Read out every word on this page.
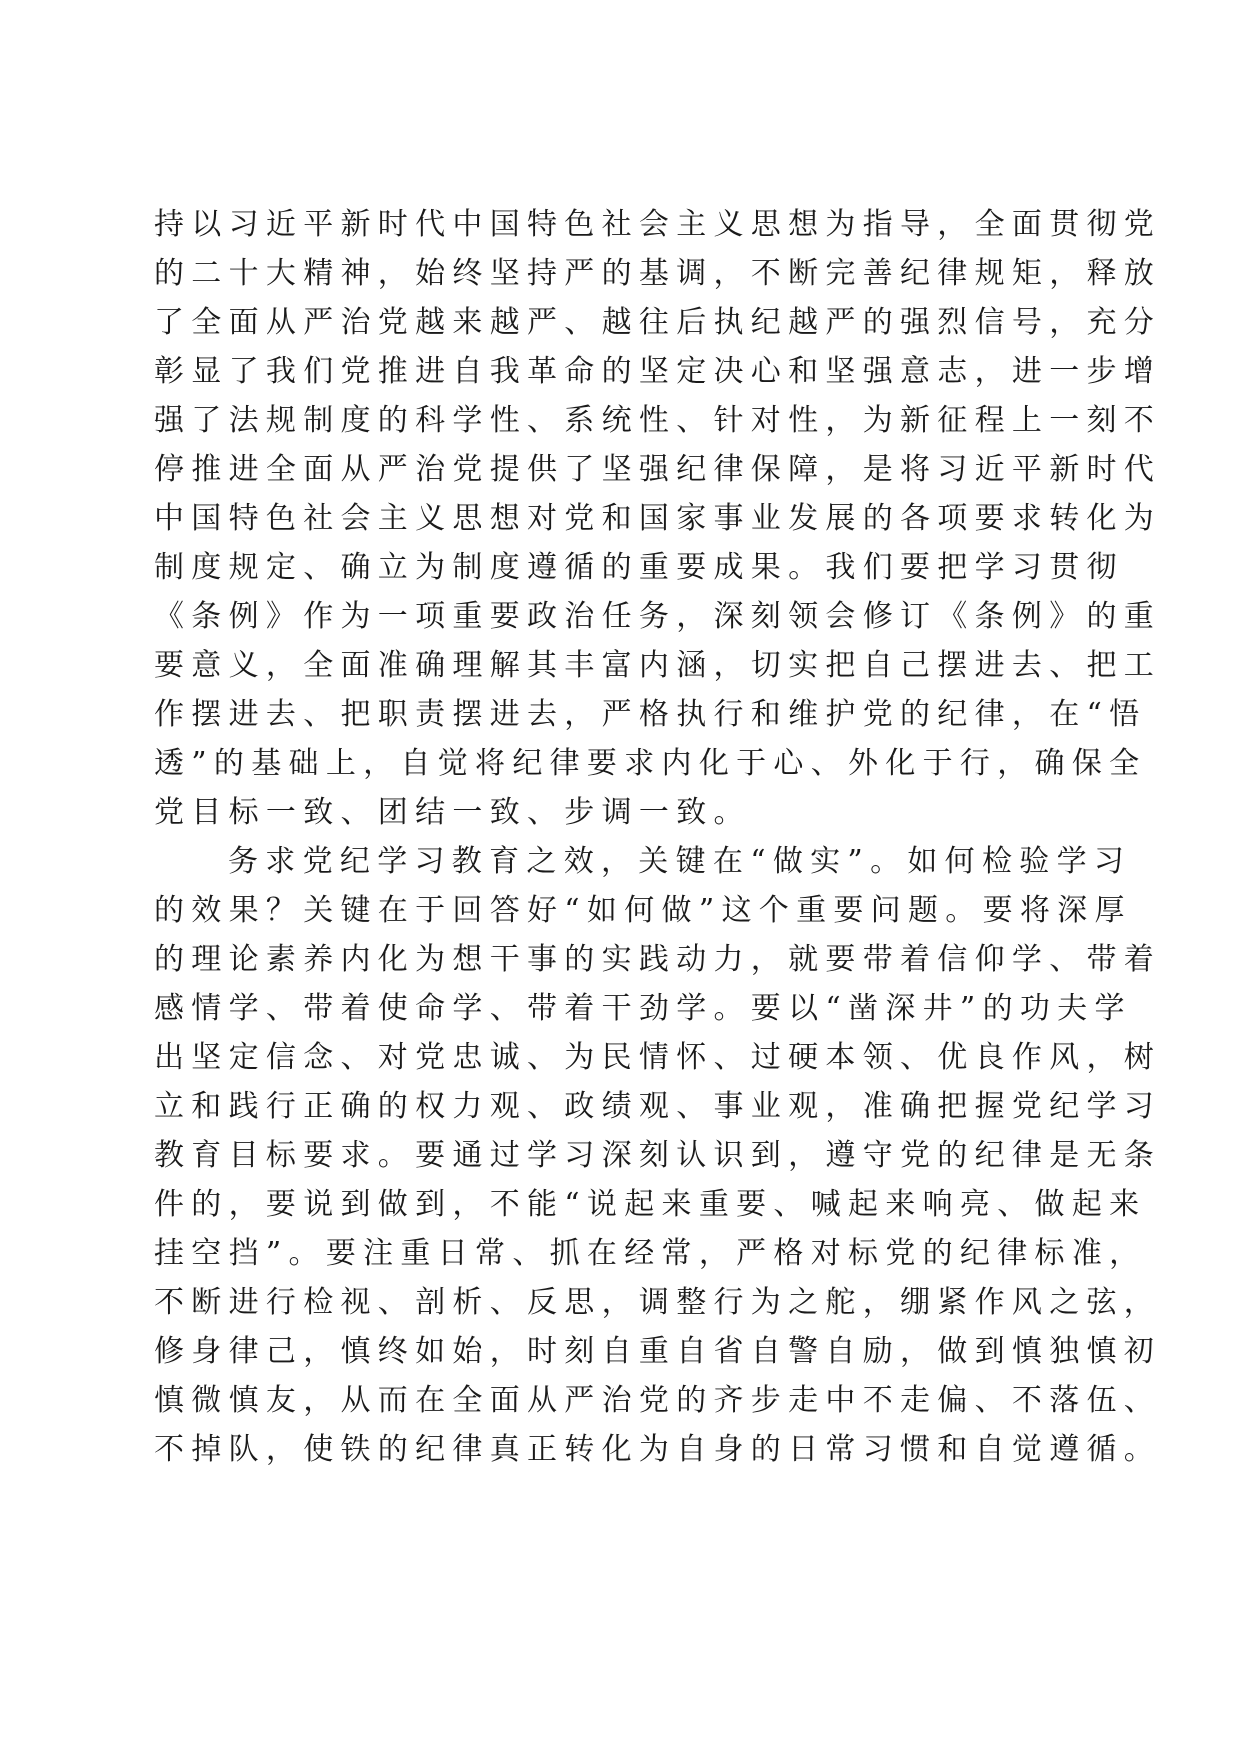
持以习近平新时代中国特色社会主义思想为指导，全面贯彻党
的二十大精神，始终坚持严的基调，不断完善纪律规矩，释放
了全面从严治党越来越严、越往后执纪越严的强烈信号，充分
彰显了我们党推进自我革命的坚定决心和坚强意志，进一步增
强了法规制度的科学性、系统性、针对性，为新征程上一刻不
停推进全面从严治党提供了坚强纪律保障，是将习近平新时代
中国特色社会主义思想对党和国家事业发展的各项要求转化为
制度规定、确立为制度遵循的重要成果。我们要把学习贯彻
《条例》作为一项重要政治任务，深刻领会修订《条例》的重
要意义，全面准确理解其丰富内涵，切实把自己摆进去、把工
作摆进去、把职责摆进去，严格执行和维护党的纪律，在“悟
透”的基础上，自觉将纪律要求内化于心、外化于行，确保全
党目标一致、团结一致、步调一致。
务求党纪学习教育之效，关键在“做实”。如何检验学习
的效果？关键在于回答好“如何做”这个重要问题。要将深厚
的理论素养内化为想干事的实践动力，就要带着信仰学、带着
感情学、带着使命学、带着干劲学。要以“凿深井”的功夫学
出坚定信念、对党忠诚、为民情怀、过硬本领、优良作风，树
立和践行正确的权力观、政绩观、事业观，准确把握党纪学习
教育目标要求。要通过学习深刻认识到，遵守党的纪律是无条
件的，要说到做到，不能“说起来重要、喊起来响亮、做起来
挂空挡”。要注重日常、抓在经常，严格对标党的纪律标准，
不断进行检视、剖析、反思，调整行为之舵，绷紧作风之弦，
修身律己，慎终如始，时刻自重自省自警自励，做到慎独慎初
慎微慎友，从而在全面从严治党的齐步走中不走偏、不落伍、
不掉队，使铁的纪律真正转化为自身的日常习惯和自觉遵循。
